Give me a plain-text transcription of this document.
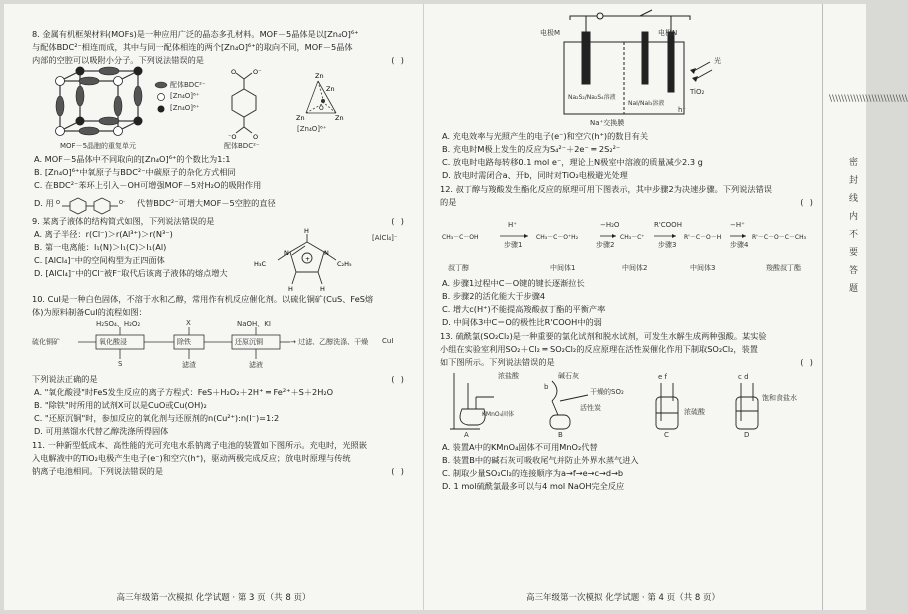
8. 金属有机框架材料(MOFs)是一种应用广泛的晶态多孔材料。MOF－5晶体是以[Zn₄O]⁶⁺

与配体BDC²⁻相连而成，其中与同一配体相连的两个[Zn₄O]⁶⁺的取向不同，MOF－5晶体

内部的空腔可以吸附小分子。下列说法错误的是	( )

O	O⁻
⁻O	O
Zn
Zn
Zn	Zn
O
配体BDC²⁻
[Zn₄O]⁶⁺
[Zn₄O]⁶⁺
[Zn₄O]⁶⁺
MOF－5晶胞的重复单元	配体BDC²⁻

A. MOF－5晶体中不同取向的[Zn₄O]⁶⁺的个数比为1:1

B. [Zn₄O]⁶⁺中氧原子与BDC²⁻中碳原子的杂化方式相同

C. 在BDC²⁻苯环上引入－OH可增强MOF－5对H₂O的吸附作用

D. 用 O	O⁻ 代替BDC²⁻可增大MOF－5空腔的直径

9. 某离子液体的结构简式如图，下列说法错误的是	( )

+
H
N	N
H	H
H₃C	C₂H₅
[AlCl₄]⁻

A. 离子半径：r(Cl⁻)＞r(Al³⁺)＞r(N³⁻)

B. 第一电离能：I₁(N)＞I₁(C)＞I₁(Al)

C. [AlCl₄]⁻中的空间构型为正四面体

D. [AlCl₄]⁻中的Cl⁻被F⁻取代后该离子液体的熔点增大

10. CuI是一种白色固体，不溶于水和乙醇，常用作有机反应催化剂。以硫化铜矿(CuS、FeS熔

体)为原料制备CuI的流程如图：

硫化铜矿	氧化酸浸	除铁	还原沉铜	→ 过滤、乙醇洗涤、干燥 CuI
H₂SO₄、H₂O₂	X	NaOH、KI
S	滤渣	滤液

下列说法正确的是	( )

A. "氧化酸浸"时FeS发生反应的离子方程式：FeS＋H₂O₂＋2H⁺ ═ Fe²⁺＋S＋2H₂O

B. "除铁"时所用的试剂X可以是CuO或Cu(OH)₂

C. "还原沉铜"时，参加反应的氧化剂与还原剂的n(Cu²⁺):n(I⁻)=1:2

D. 可用蒸馏水代替乙醇洗涤所得固体

11. 一种新型低成本、高性能的光可充电水系钠离子电池的装置如下图所示。充电时，光照嵌

入电解液中的TiO₂电极产生电子(e⁻)和空穴(h⁺)，驱动两极完成反应；放电时原理与传统

钠离子电池相同。下列说法错误的是	( )

高三年级第一次模拟 化学试题 · 第 3 页（共 8 页）
电极M	电极N
Na₂S₂/Na₂S₄溶液
NaI/NaI₃溶液
Na⁺交换膜
光
TiO₂
h⁺

A. 充电效率与光照产生的电子(e⁻)和空穴(h⁺)的数目有关

B. 充电时M极上发生的反应为S₄²⁻＋2e⁻ ═ 2S₂²⁻

C. 放电时电路每转移0.1 mol e⁻，理论上N极室中溶液的质量减少2.3 g

D. 放电时需闭合a、开b，同时对TiO₂电极避光处理

12. 叔丁醇与羧酸发生酯化反应的原理可用下图表示，其中步骤2为决速步骤。下列说法错误

的是	( )

CH₃－C－OH	CH₃－C－O⁺H₂	CH₃－C⁺	R'－C－O－H	R'－C－O－C－CH₃
H⁺	−H₂O	R'COOH	−H⁺
步骤1	步骤2	步骤3	步骤4
叔丁醇	中间体1	中间体2	中间体3	羧酸叔丁酯

A. 步骤1过程中C－O键的键长逐渐拉长

B. 步骤2的活化能大于步骤4

C. 增大c(H⁺)不能提高羧酸叔丁酯的平衡产率

D. 中间体3中C＝O的极性比R'COOH中的弱

13. 硫酰氯(SO₂Cl₂)是一种重要的氯化试剂和脱水试剂，可发生水解生成两种强酸。某实验

小组在实验室利用SO₂＋Cl₂ ═ SO₂Cl₂的反应原理在活性炭催化作用下制取SO₂Cl₂，装置

如下图所示。下列说法错误的是	( )

浓盐酸
KMnO₄固体
碱石灰
b
干燥的SO₂
活性炭	浓硫酸
饱和食盐水
e f	c d
A	B	C	D

A. 装置A中的KMnO₄固体不可用MnO₂代替

B. 装置B中的碱石灰可吸收尾气并防止外界水蒸气进入

C. 制取少量SO₂Cl₂的连接顺序为a→f→e→c→d→b

D. 1 mol硫酰氯最多可以与4 mol NaOH完全反应

高三年级第一次模拟 化学试题 · 第 4 页（共 8 页）
\\\\\\\\\\\\\\\\\\\\\\\\\\
密封线内不要答题
